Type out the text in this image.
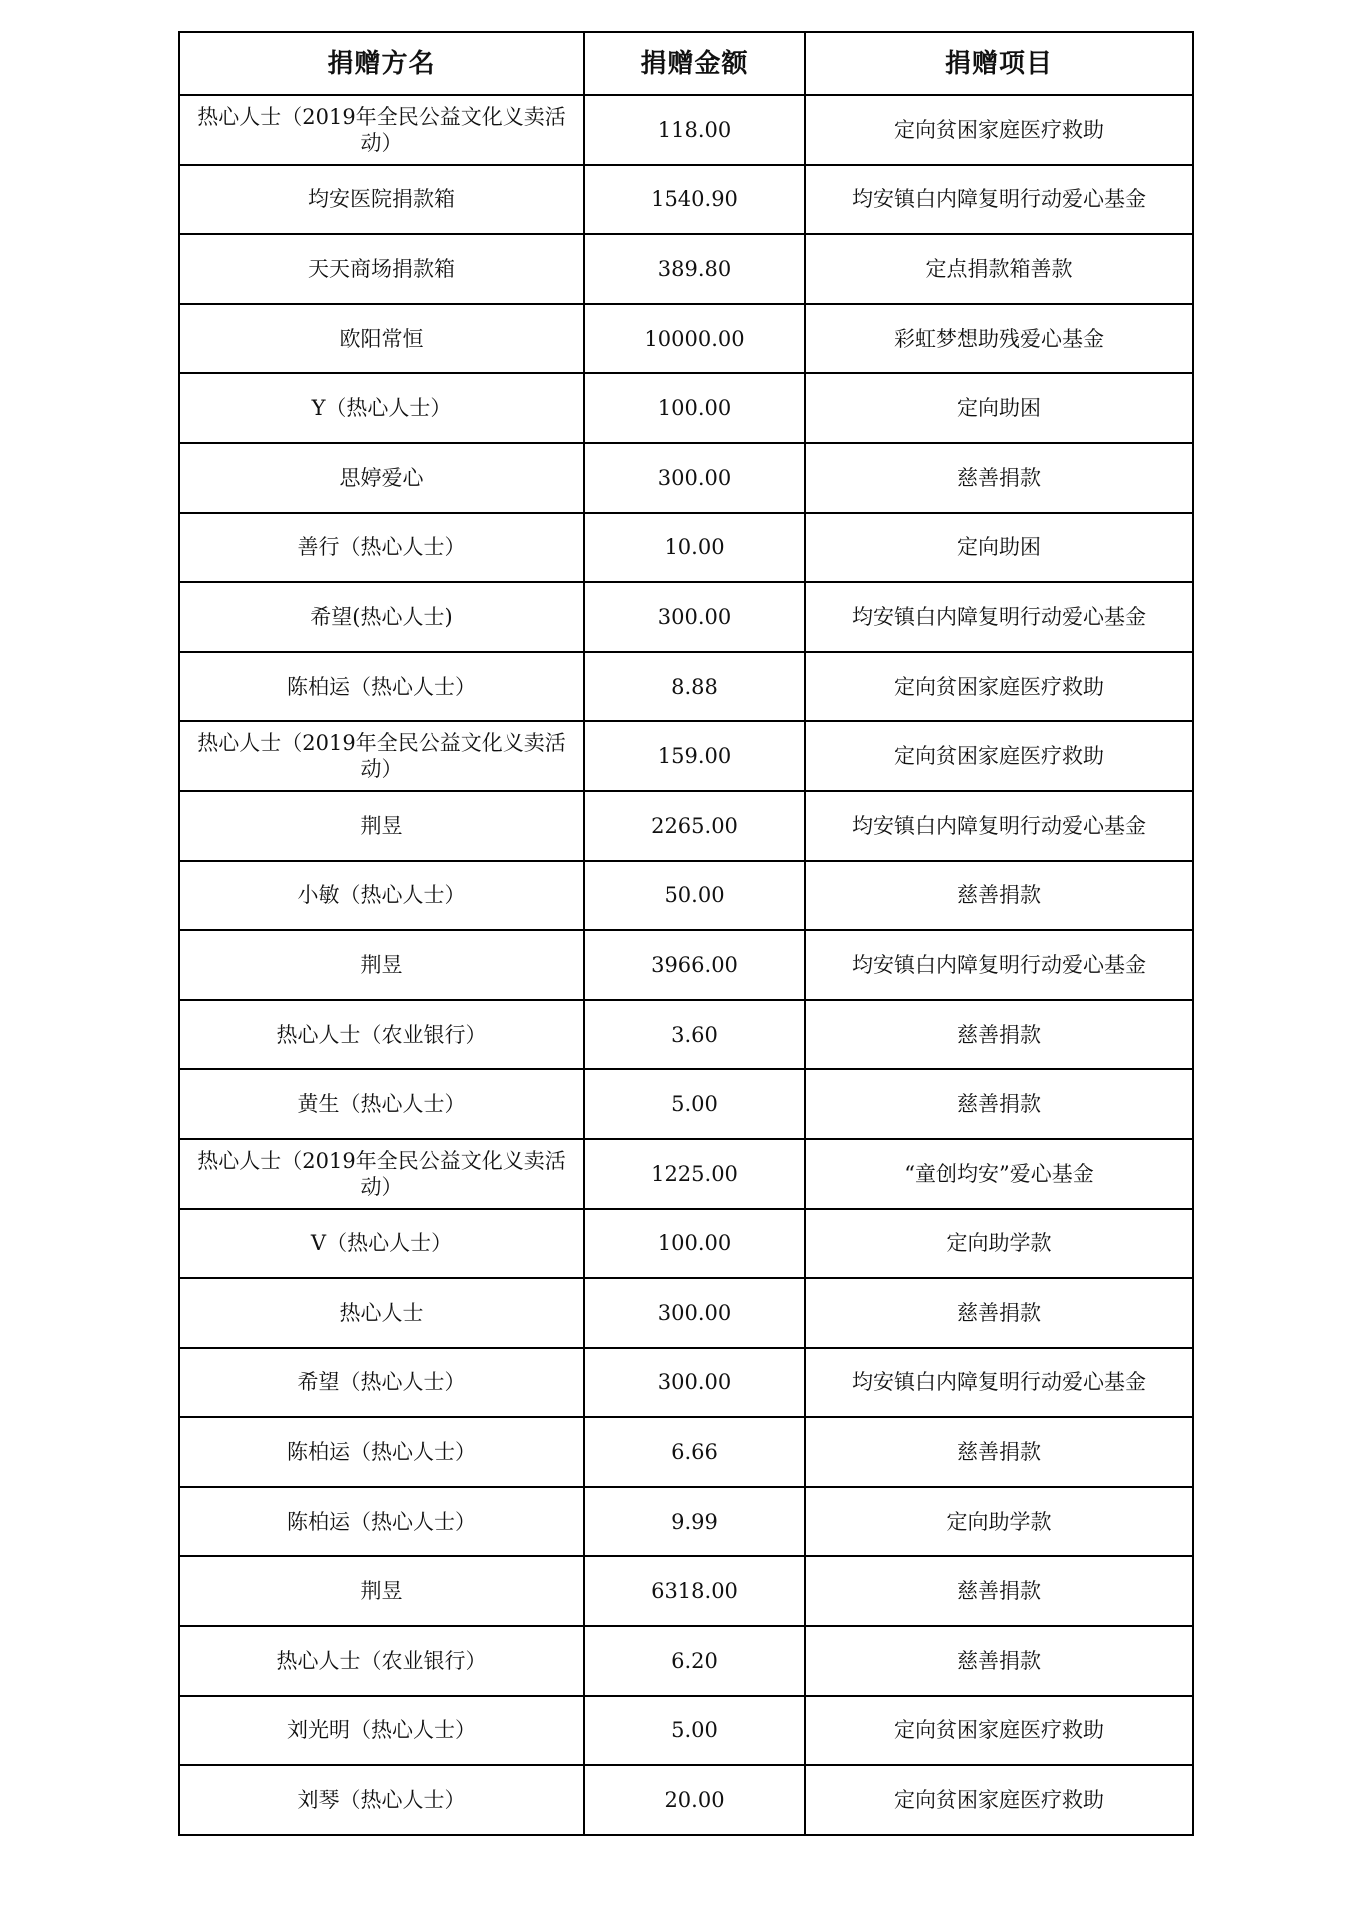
捐赠方名	捐赠金额	捐赠项目
热心人士（2019年全民公益文化义卖活动）	118.00	定向贫困家庭医疗救助
均安医院捐款箱	1540.90	均安镇白内障复明行动爱心基金
天天商场捐款箱	389.80	定点捐款箱善款
欧阳常恒	10000.00	彩虹梦想助残爱心基金
Y（热心人士）	100.00	定向助困
思婷爱心	300.00	慈善捐款
善行（热心人士）	10.00	定向助困
希望(热心人士)	300.00	均安镇白内障复明行动爱心基金
陈柏运（热心人士）	8.88	定向贫困家庭医疗救助
热心人士（2019年全民公益文化义卖活动）	159.00	定向贫困家庭医疗救助
荆昱	2265.00	均安镇白内障复明行动爱心基金
小敏（热心人士）	50.00	慈善捐款
荆昱	3966.00	均安镇白内障复明行动爱心基金
热心人士（农业银行）	3.60	慈善捐款
黄生（热心人士）	5.00	慈善捐款
热心人士（2019年全民公益文化义卖活动）	1225.00	“童创均安”爱心基金
V（热心人士）	100.00	定向助学款
热心人士	300.00	慈善捐款
希望（热心人士）	300.00	均安镇白内障复明行动爱心基金
陈柏运（热心人士）	6.66	慈善捐款
陈柏运（热心人士）	9.99	定向助学款
荆昱	6318.00	慈善捐款
热心人士（农业银行）	6.20	慈善捐款
刘光明（热心人士）	5.00	定向贫困家庭医疗救助
刘琴（热心人士）	20.00	定向贫困家庭医疗救助
